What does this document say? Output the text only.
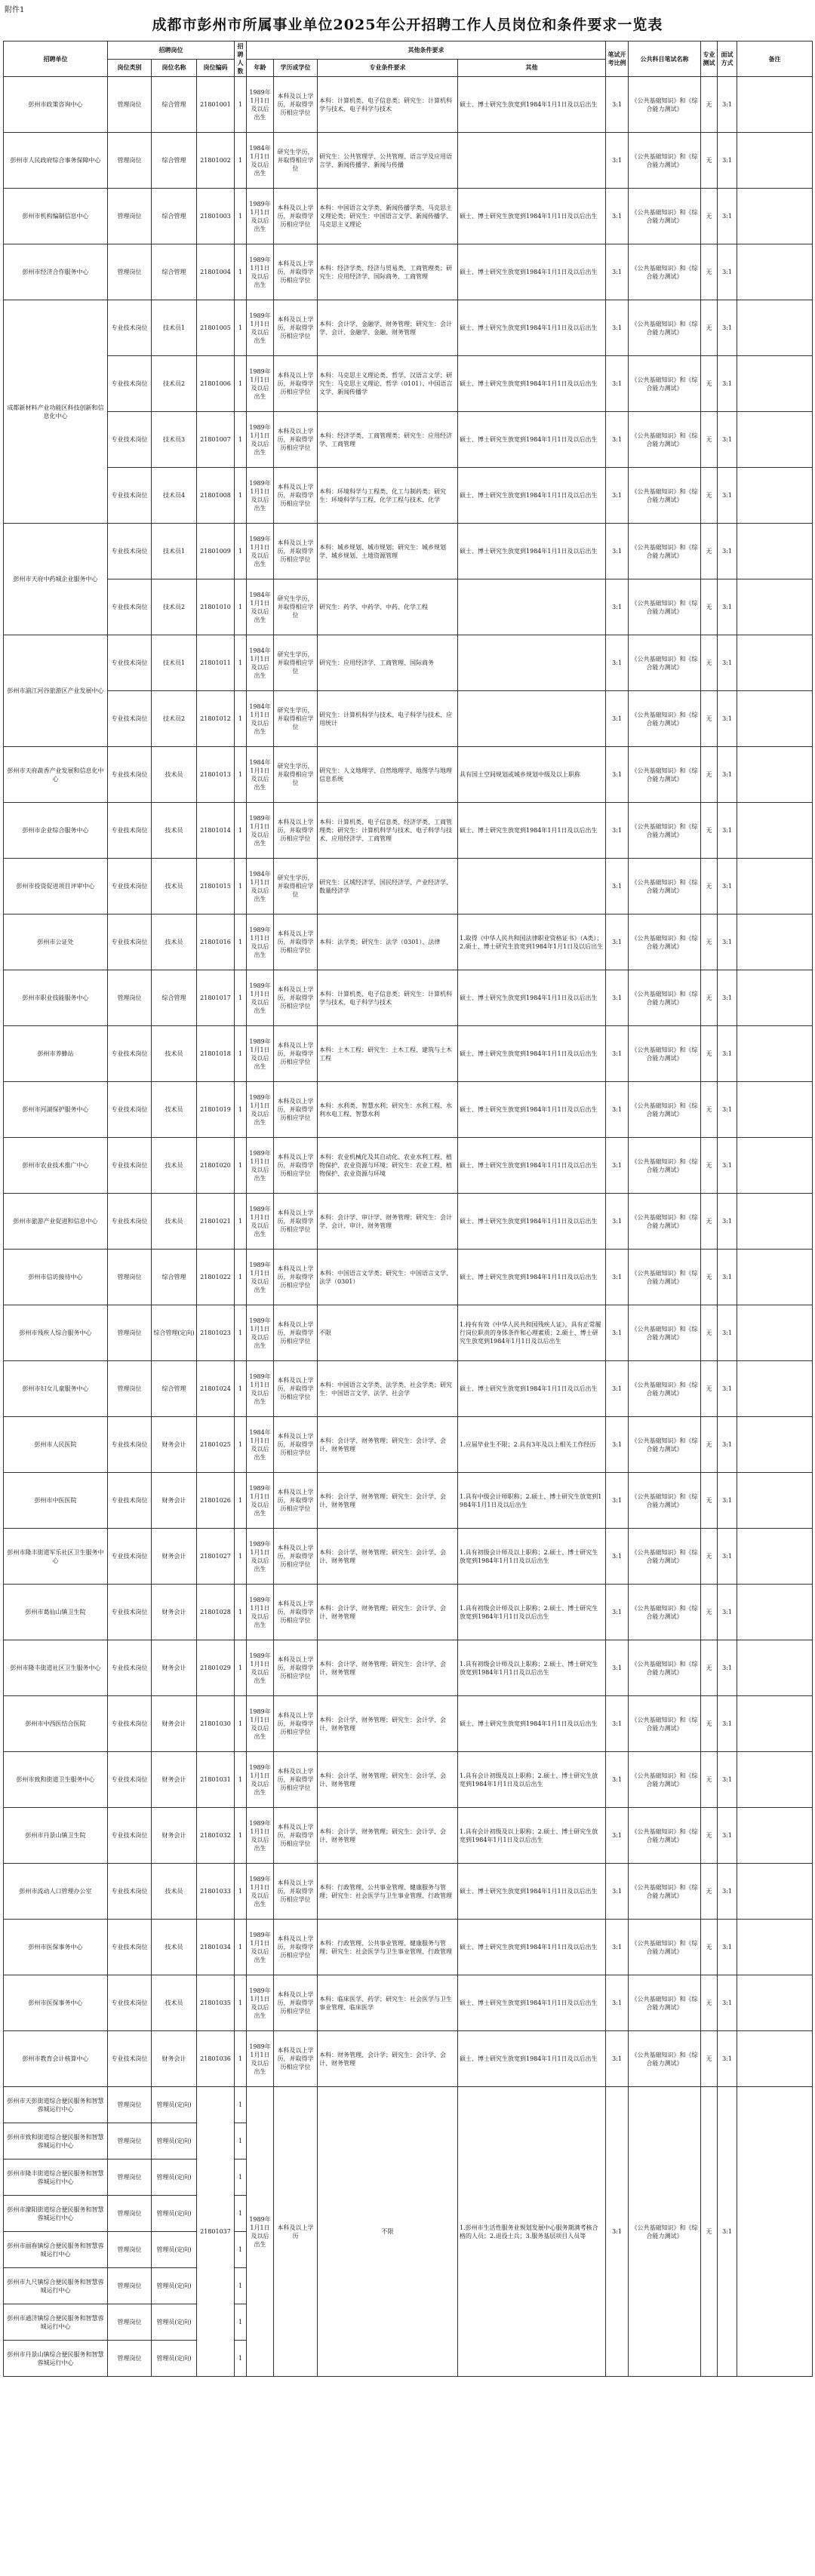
附件1
成都市彭州市所属事业单位2025年公开招聘工作人员岗位和条件要求一览表
招聘单位	招聘岗位			招聘人数	其他条件要求				笔试开考比例	公共科目笔试名称	专业测试	面试方式	备注
	岗位类别	岗位名称	岗位编码		年龄	学历或学位	专业条件要求	其他					
彭州市政策咨询中心	管理岗位	综合管理	21801001	1	1989年1月1日及以后出生	本科及以上学历，并取得学历相应学位	本科：计算机类、电子信息类；研究生：计算机科学与技术、电子科学与技术	硕士、博士研究生放宽到1984年1月1日及以后出生	3:1	《公共基础知识》和《综合能力测试》	无	3:1	
彭州市人民政府综合事务保障中心	管理岗位	综合管理	21801002	1	1984年1月1日及以后出生	研究生学历，并取得相应学位	研究生：公共管理学、公共管理、语言学及应用语言学、新闻传播学、新闻与传播		3:1	《公共基础知识》和《综合能力测试》	无	3:1	
彭州市机构编制信息中心	管理岗位	综合管理	21801003	1	1989年1月1日及以后出生	本科及以上学历，并取得学历相应学位	本科：中国语言文学类、新闻传播学类、马克思主义理论类；研究生：中国语言文学、新闻传播学、马克思主义理论	硕士、博士研究生放宽到1984年1月1日及以后出生	3:1	《公共基础知识》和《综合能力测试》	无	3:1	
彭州市经济合作服务中心	管理岗位	综合管理	21801004	1	1989年1月1日及以后出生	本科及以上学历，并取得学历相应学位	本科：经济学类、经济与贸易类、工商管理类；研究生：应用经济学、国际商务、工商管理	硕士、博士研究生放宽到1984年1月1日及以后出生	3:1	《公共基础知识》和《综合能力测试》	无	3:1	
成都新材料产业功能区科技创新和信息化中心	专业技术岗位	技术员1	21801005	1	1989年1月1日及以后出生	本科及以上学历，并取得学历相应学位	本科：会计学、金融学、财务管理；研究生：会计学、会计、金融学、金融、财务管理	硕士、博士研究生放宽到1984年1月1日及以后出生	3:1	《公共基础知识》和《综合能力测试》	无	3:1	
	专业技术岗位	技术员2	21801006	1	1989年1月1日及以后出生	本科及以上学历，并取得学历相应学位	本科：马克思主义理论类、哲学、汉语言文学；研究生：马克思主义理论、哲学（0101）、中国语言文学、新闻传播学	硕士、博士研究生放宽到1984年1月1日及以后出生	3:1	《公共基础知识》和《综合能力测试》	无	3:1	
	专业技术岗位	技术员3	21801007	1	1989年1月1日及以后出生	本科及以上学历，并取得学历相应学位	本科：经济学类、工商管理类；研究生：应用经济学、工商管理	硕士、博士研究生放宽到1984年1月1日及以后出生	3:1	《公共基础知识》和《综合能力测试》	无	3:1	
	专业技术岗位	技术员4	21801008	1	1989年1月1日及以后出生	本科及以上学历，并取得学历相应学位	本科：环境科学与工程类、化工与制药类；研究生：环境科学与工程、化学工程与技术、化学	硕士、博士研究生放宽到1984年1月1日及以后出生	3:1	《公共基础知识》和《综合能力测试》	无	3:1	
彭州市天府中药城企业服务中心	专业技术岗位	技术员1	21801009	1	1989年1月1日及以后出生	本科及以上学历，并取得学历相应学位	本科：城乡规划、城市规划；研究生：城乡规划学、城乡规划、土地资源管理	硕士、博士研究生放宽到1984年1月1日及以后出生	3:1	《公共基础知识》和《综合能力测试》	无	3:1	
	专业技术岗位	技术员2	21801010	1	1984年1月1日及以后出生	研究生学历，并取得相应学位	研究生：药学、中药学、中药、化学工程		3:1	《公共基础知识》和《综合能力测试》	无	3:1	
彭州市湔江河谷旅游区产业发展中心	专业技术岗位	技术员1	21801011	1	1984年1月1日及以后出生	研究生学历，并取得相应学位	研究生：应用经济学、工商管理、国际商务		3:1	《公共基础知识》和《综合能力测试》	无	3:1	
	专业技术岗位	技术员2	21801012	1	1984年1月1日及以后出生	研究生学历，并取得相应学位	研究生：计算机科学与技术、电子科学与技术、应用统计		3:1	《公共基础知识》和《综合能力测试》	无	3:1	
彭州市天府蔬香产业发展和信息化中心	专业技术岗位	技术员	21801013	1	1984年1月1日及以后出生	研究生学历，并取得相应学位	研究生：人文地理学、自然地理学、地图学与地理信息系统	具有国土空间规划或城乡规划中级及以上职称	3:1	《公共基础知识》和《综合能力测试》	无	3:1	
彭州市企业综合服务中心	专业技术岗位	技术员	21801014	1	1989年1月1日及以后出生	本科及以上学历，并取得学历相应学位	本科：计算机类、电子信息类、经济学类、工商管理类；研究生：计算机科学与技术、电子科学与技术、应用经济学、工商管理	硕士、博士研究生放宽到1984年1月1日及以后出生	3:1	《公共基础知识》和《综合能力测试》	无	3:1	
彭州市投资促进项目评审中心	专业技术岗位	技术员	21801015	1	1984年1月1日及以后出生	研究生学历，并取得相应学位	研究生：区域经济学、国民经济学、产业经济学、数量经济学		3:1	《公共基础知识》和《综合能力测试》	无	3:1	
彭州市公证处	专业技术岗位	技术员	21801016	1	1989年1月1日及以后出生	本科及以上学历，并取得学历相应学位	本科：法学类；研究生：法学（0301）、法律	1.取得《中华人民共和国法律职业资格证书》（A类）；2.硕士、博士研究生放宽到1984年1月1日及以后出生	3:1	《公共基础知识》和《综合能力测试》	无	3:1	
彭州市职业技能服务中心	管理岗位	综合管理	21801017	1	1989年1月1日及以后出生	本科及以上学历，并取得学历相应学位	本科：计算机类、电子信息类；研究生：计算机科学与技术、电子科学与技术	硕士、博士研究生放宽到1984年1月1日及以后出生	3:1	《公共基础知识》和《综合能力测试》	无	3:1	
彭州市养蜂站	专业技术岗位	技术员	21801018	1	1989年1月1日及以后出生	本科及以上学历，并取得学历相应学位	本科：土木工程；研究生：土木工程、建筑与土木工程	硕士、博士研究生放宽到1984年1月1日及以后出生	3:1	《公共基础知识》和《综合能力测试》	无	3:1	
彭州市河湖保护服务中心	专业技术岗位	技术员	21801019	1	1989年1月1日及以后出生	本科及以上学历，并取得学历相应学位	本科：水利类、智慧水利；研究生：水利工程、水利水电工程、智慧水利	硕士、博士研究生放宽到1984年1月1日及以后出生	3:1	《公共基础知识》和《综合能力测试》	无	3:1	
彭州市农业技术推广中心	专业技术岗位	技术员	21801020	1	1989年1月1日及以后出生	本科及以上学历，并取得学历相应学位	本科：农业机械化及其自动化、农业水利工程、植物保护、农业资源与环境；研究生：农业工程、植物保护、农业资源与环境	硕士、博士研究生放宽到1984年1月1日及以后出生	3:1	《公共基础知识》和《综合能力测试》	无	3:1	
彭州市旅游产业促进和信息中心	专业技术岗位	技术员	21801021	1	1989年1月1日及以后出生	本科及以上学历，并取得学历相应学位	本科：会计学、审计学、财务管理；研究生：会计学、会计、审计、财务管理	硕士、博士研究生放宽到1984年1月1日及以后出生	3:1	《公共基础知识》和《综合能力测试》	无	3:1	
彭州市信访接待中心	管理岗位	综合管理	21801022	1	1989年1月1日及以后出生	本科及以上学历，并取得学历相应学位	本科：中国语言文学类；研究生：中国语言文学、法学（0301）	硕士、博士研究生放宽到1984年1月1日及以后出生	3:1	《公共基础知识》和《综合能力测试》	无	3:1	
彭州市残疾人综合服务中心	管理岗位	综合管理(定向)	21801023	1	1989年1月1日及以后出生	本科及以上学历，并取得学历相应学位	不限	1.持有有效《中华人民共和国残疾人证》，具有正常履行岗位职责的身体条件和心理素质；2.硕士、博士研究生放宽到1984年1月1日及以后出生	3:1	《公共基础知识》和《综合能力测试》	无	3:1	
彭州市妇女儿童服务中心	管理岗位	综合管理	21801024	1	1989年1月1日及以后出生	本科及以上学历，并取得学历相应学位	本科：中国语言文学类、法学类、社会学类；研究生：中国语言文学、法学、社会学	硕士、博士研究生放宽到1984年1月1日及以后出生	3:1	《公共基础知识》和《综合能力测试》	无	3:1	
彭州市人民医院	专业技术岗位	财务会计	21801025	1	1984年1月1日及以后出生	本科及以上学历，并取得学历相应学位	本科：会计学、财务管理；研究生：会计学、会计、财务管理	1.应届毕业生不限；2.具有3年及以上相关工作经历	3:1	《公共基础知识》和《综合能力测试》	无	3:1	
彭州市中医医院	专业技术岗位	财务会计	21801026	1	1989年1月1日及以后出生	本科及以上学历，并取得学历相应学位	本科：会计学、财务管理；研究生：会计学、会计、财务管理	1.具有中级会计师职称；2.硕士、博士研究生放宽到1984年1月1日及以后出生	3:1	《公共基础知识》和《综合能力测试》	无	3:1	
彭州市隆丰街道军乐社区卫生服务中心	专业技术岗位	财务会计	21801027	1	1989年1月1日及以后出生	本科及以上学历，并取得学历相应学位	本科：会计学、财务管理；研究生：会计学、会计、财务管理	1.具有初级会计师及以上职称；2.硕士、博士研究生放宽到1984年1月1日及以后出生	3:1	《公共基础知识》和《综合能力测试》	无	3:1	
彭州市葛仙山镇卫生院	专业技术岗位	财务会计	21801028	1	1989年1月1日及以后出生	本科及以上学历，并取得学历相应学位	本科：会计学、财务管理；研究生：会计学、会计、财务管理	1.具有初级会计师及以上职称；2.硕士、博士研究生放宽到1984年1月1日及以后出生	3:1	《公共基础知识》和《综合能力测试》	无	3:1	
彭州市隆丰街道社区卫生服务中心	专业技术岗位	财务会计	21801029	1	1989年1月1日及以后出生	本科及以上学历，并取得学历相应学位	本科：会计学、财务管理；研究生：会计学、会计、财务管理	1.具有初级会计师及以上职称；2.硕士、博士研究生放宽到1984年1月1日及以后出生	3:1	《公共基础知识》和《综合能力测试》	无	3:1	
彭州市中西医结合医院	专业技术岗位	财务会计	21801030	1	1989年1月1日及以后出生	本科及以上学历，并取得学历相应学位	本科：会计学、财务管理；研究生：会计学、会计、财务管理	硕士、博士研究生放宽到1984年1月1日及以后出生	3:1	《公共基础知识》和《综合能力测试》	无	3:1	
彭州市致和街道卫生服务中心	专业技术岗位	财务会计	21801031	1	1989年1月1日及以后出生	本科及以上学历，并取得学历相应学位	本科：会计学、财务管理；研究生：会计学、会计、财务管理	1.具有会计初级及以上职称；2.硕士、博士研究生放宽到1984年1月1日及以后出生	3:1	《公共基础知识》和《综合能力测试》	无	3:1	
彭州市丹景山镇卫生院	专业技术岗位	财务会计	21801032	1	1989年1月1日及以后出生	本科及以上学历，并取得学历相应学位	本科：会计学、财务管理；研究生：会计学、会计、财务管理	1.具有会计初级及以上职称；2.硕士、博士研究生放宽到1984年1月1日及以后出生	3:1	《公共基础知识》和《综合能力测试》	无	3:1	
彭州市流动人口管理办公室	专业技术岗位	技术员	21801033	1	1989年1月1日及以后出生	本科及以上学历，并取得学历相应学位	本科：行政管理、公共事业管理、健康服务与管理；研究生：社会医学与卫生事业管理、行政管理	硕士、博士研究生放宽到1984年1月1日及以后出生	3:1	《公共基础知识》和《综合能力测试》	无	3:1	
彭州市医保事务中心	专业技术岗位	技术员	21801034	1	1989年1月1日及以后出生	本科及以上学历，并取得学历相应学位	本科：行政管理、公共事业管理、健康服务与管理；研究生：社会医学与卫生事业管理、行政管理	硕士、博士研究生放宽到1984年1月1日及以后出生	3:1	《公共基础知识》和《综合能力测试》	无	3:1	
彭州市医保事务中心	专业技术岗位	技术员	21801035	1	1989年1月1日及以后出生	本科及以上学历，并取得学历相应学位	本科：临床医学、药学；研究生：社会医学与卫生事业管理、临床医学	硕士、博士研究生放宽到1984年1月1日及以后出生	3:1	《公共基础知识》和《综合能力测试》	无	3:1	
彭州市教育会计核算中心	专业技术岗位	财务会计	21801036	1	1989年1月1日及以后出生	本科及以上学历，并取得学历相应学位	本科：财务管理、会计学；研究生：会计学、会计、财务管理	硕士、博士研究生放宽到1984年1月1日及以后出生	3:1	《公共基础知识》和《综合能力测试》	无	3:1	
彭州市天彭街道综合便民服务和智慧蓉城运行中心	管理岗位	管理员(定向)	21801037	1	1989年1月1日及以后出生	本科及以上学历	不限	1.彭州市生活性服务业规划发展中心服务期满考核合格的人员；2.退役士兵；3.服务基层项目人员等	3:1	《公共基础知识》和《综合能力测试》	无	3:1	
彭州市致和街道综合便民服务和智慧蓉城运行中心	管理岗位	管理员(定向)		1									
彭州市隆丰街道综合便民服务和智慧蓉城运行中心	管理岗位	管理员(定向)		1									
彭州市濛阳街道综合便民服务和智慧蓉城运行中心	管理岗位	管理员(定向)		1									
彭州市丽春镇综合便民服务和智慧蓉城运行中心	管理岗位	管理员(定向)		1									
彭州市九尺镇综合便民服务和智慧蓉城运行中心	管理岗位	管理员(定向)		1									
彭州市通济镇综合便民服务和智慧蓉城运行中心	管理岗位	管理员(定向)		1									
彭州市丹景山镇综合便民服务和智慧蓉城运行中心	管理岗位	管理员(定向)		1									
